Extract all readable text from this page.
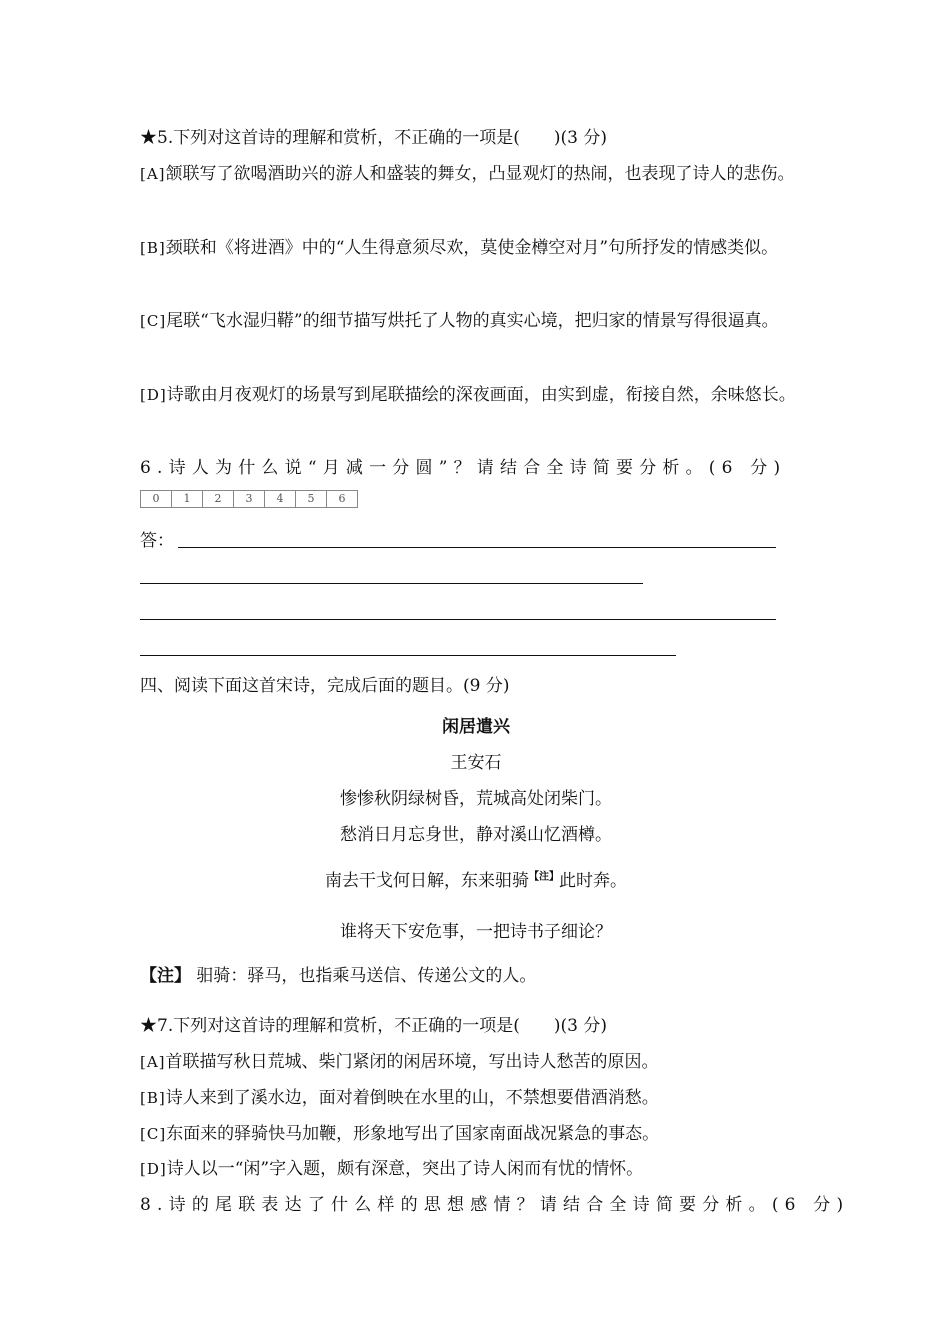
★5.下列对这首诗的理解和赏析，不正确的一项是(　　)(3 分)
[A]颔联写了欲喝酒助兴的游人和盛装的舞女，凸显观灯的热闹，也表现了诗人的悲伤。
[B]颈联和《将进酒》中的“人生得意须尽欢，莫使金樽空对月”句所抒发的情感类似。
[C]尾联“飞水湿归鞯”的细节描写烘托了人物的真实心境，把归家的情景写得很逼真。
[D]诗歌由月夜观灯的场景写到尾联描绘的深夜画面，由实到虚，衔接自然，余味悠长。
6.诗人为什么说“月减一分圆”？请结合全诗简要分析。(6 分)
0	1	2	3	4	5	6
答：
四、阅读下面这首宋诗，完成后面的题目。(9 分)
闲居遣兴
王安石
惨惨秋阴绿树昏，荒城高处闭柴门。
愁消日月忘身世，静对溪山忆酒樽。
南去干戈何日解，东来驲骑$^{【注】}$此时奔。
谁将天下安危事，一把诗书子细论？
【注】 驲骑：驿马，也指乘马送信、传递公文的人。
★7.下列对这首诗的理解和赏析，不正确的一项是(　　)(3 分)
[A]首联描写秋日荒城、柴门紧闭的闲居环境，写出诗人愁苦的原因。
[B]诗人来到了溪水边，面对着倒映在水里的山，不禁想要借酒消愁。
[C]东面来的驿骑快马加鞭，形象地写出了国家南面战况紧急的事态。
[D]诗人以一“闲”字入题，颇有深意，突出了诗人闲而有忧的情怀。
8.诗的尾联表达了什么样的思想感情？请结合全诗简要分析。(6 分)
